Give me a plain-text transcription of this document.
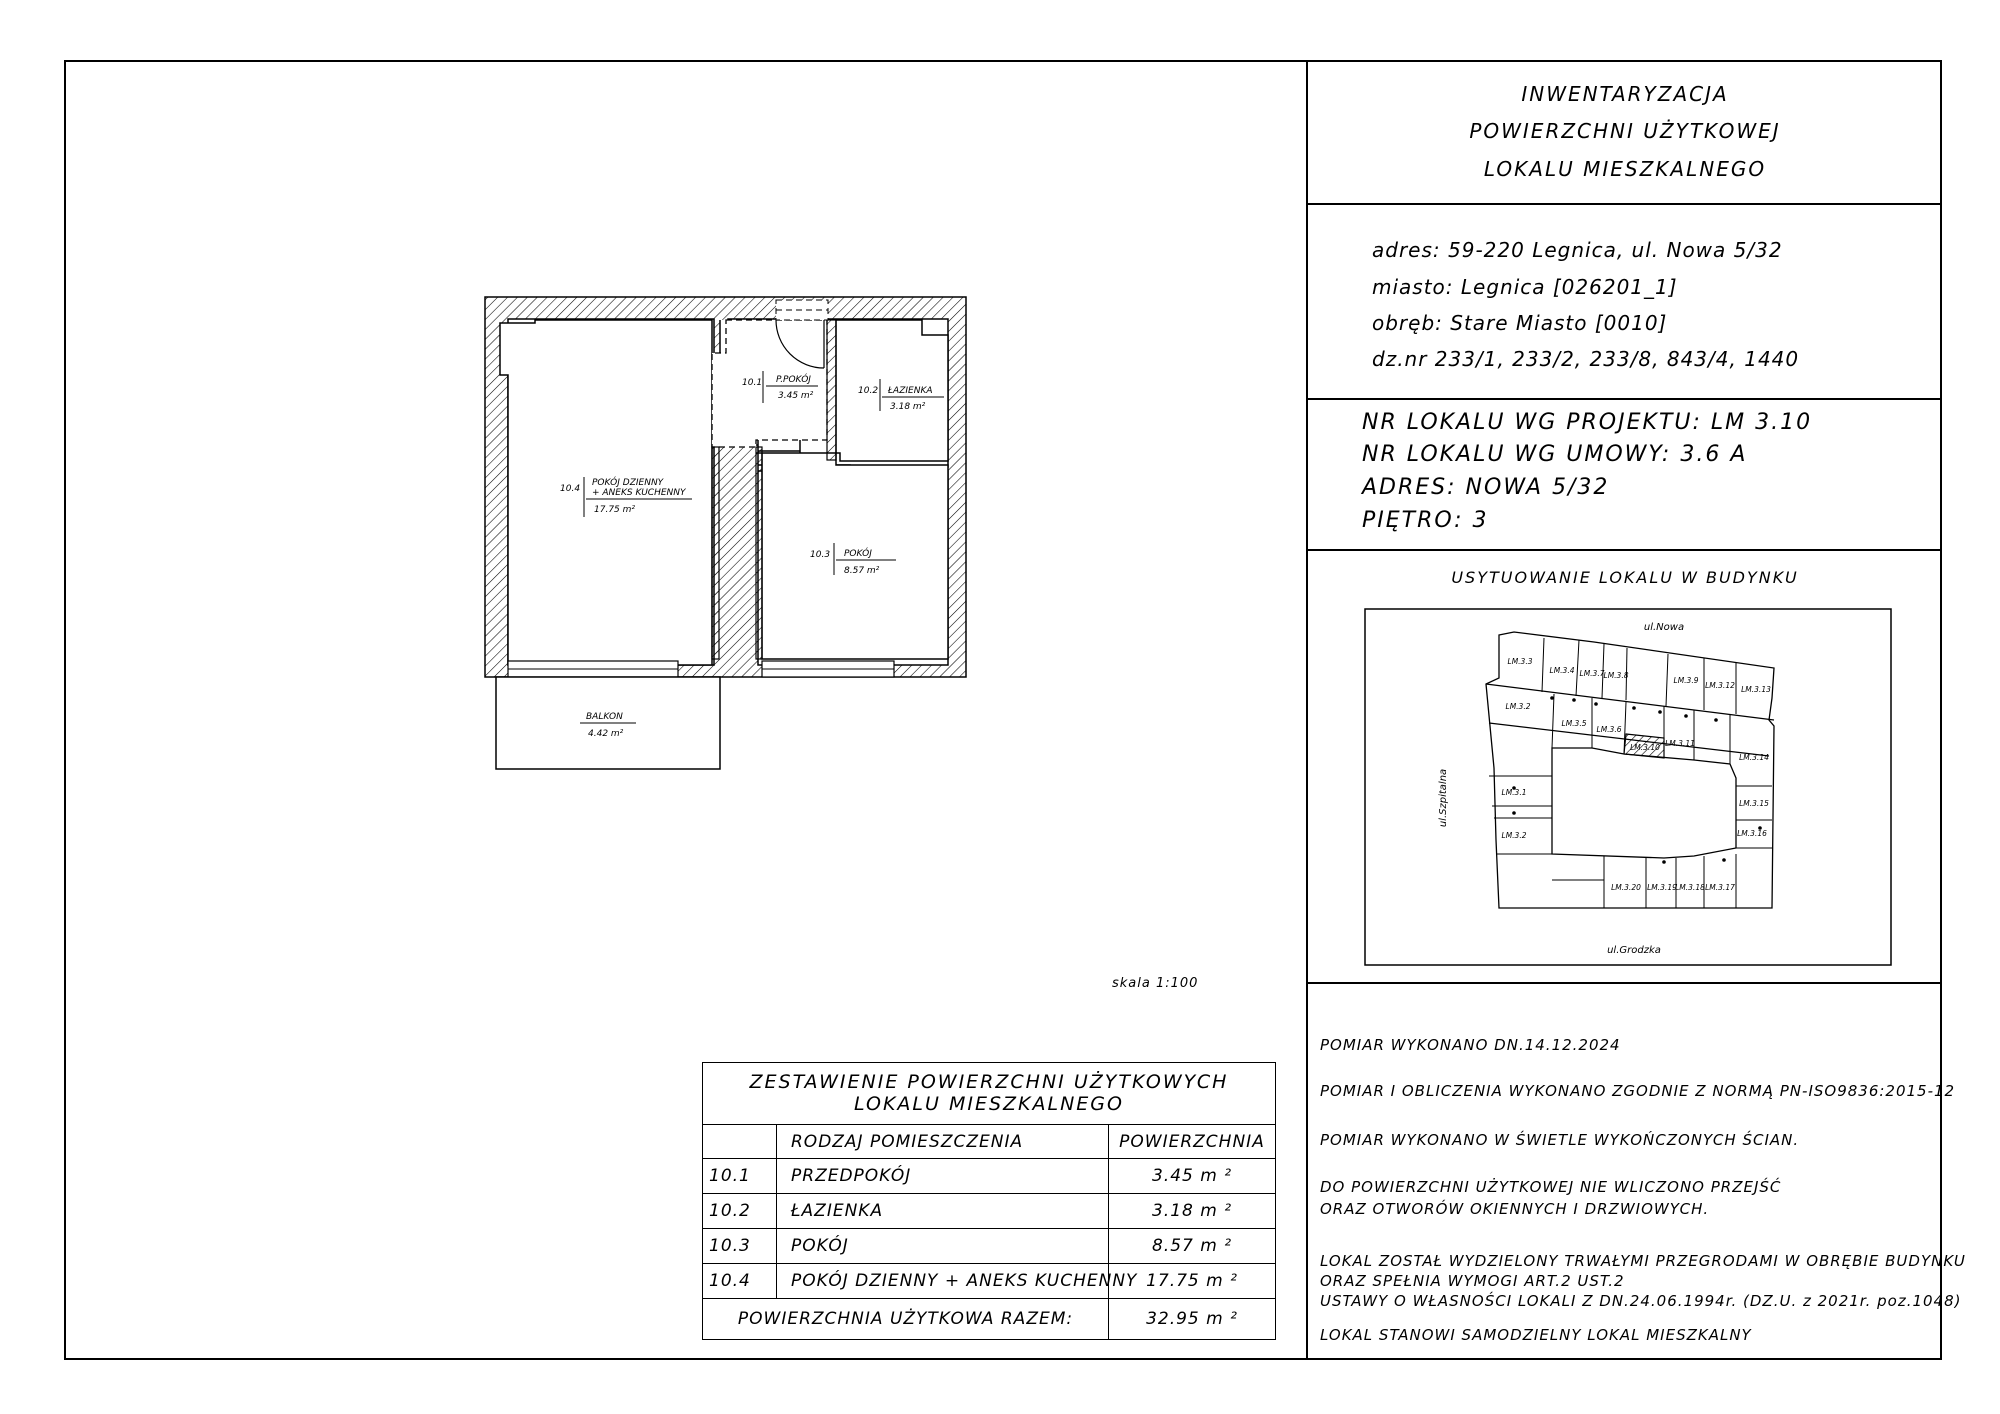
INWENTARYZACJA
POWIERZCHNI UŻYTKOWEJ
LOKALU MIESZKALNEGO
adres: 59-220 Legnica, ul. Nowa 5/32
miasto: Legnica [026201_1]
obręb: Stare Miasto [0010]
dz.nr 233/1, 233/2, 233/8, 843/4, 1440
NR LOKALU WG PROJEKTU: LM 3.10
NR LOKALU WG UMOWY: 3.6 A
ADRES: NOWA 5/32
PIĘTRO: 3
USYTUOWANIE LOKALU W BUDYNKU
ul.Nowa
ul.Grodzka
ul.Szpitalna
LM.3.3
LM.3.4 LM.3.7 LM.3.8
LM.3.9
LM.3.12 LM.3.13
LM.3.2
LM.3.5
LM.3.6
LM.3.10 LM.3.11
LM.3.14
LM.3.1
LM.3.15
LM.3.2	LM.3.16
LM.3.20 LM.3.19
LM.3.18 LM.3.17
POMIAR WYKONANO DN.14.12.2024
POMIAR I OBLICZENIA WYKONANO ZGODNIE Z NORMĄ PN-ISO9836:2015-12
POMIAR WYKONANO W ŚWIETLE WYKOŃCZONYCH ŚCIAN.
DO POWIERZCHNI UŻYTKOWEJ NIE WLICZONO PRZEJŚĆ
ORAZ OTWORÓW OKIENNYCH I DRZWIOWYCH.
LOKAL ZOSTAŁ WYDZIELONY TRWAŁYMI PRZEGRODAMI W OBRĘBIE BUDYNKU
ORAZ SPEŁNIA WYMOGI ART.2 UST.2
USTAWY O WŁASNOŚCI LOKALI Z DN.24.06.1994r. (DZ.U. z 2021r. poz.1048)
LOKAL STANOWI SAMODZIELNY LOKAL MIESZKALNY
10.1 P.POKÓJ
3.45 m²	10.2 ŁAZIENKA
3.18 m²
10.3 POKÓJ
8.57 m²
10.4
POKÓJ DZIENNY
+ ANEKS KUCHENNY
17.75 m²
BALKON
4.42 m²
skala 1:100
ZESTAWIENIE POWIERZCHNI UŻYTKOWYCH
LOKALU MIESZKALNEGO
RODZAJ POMIESZCZENIA	POWIERZCHNIA
10.1	PRZEDPOKÓJ	3.45 m ²
10.2	ŁAZIENKA	3.18 m ²
10.3	POKÓJ	8.57 m ²
10.4	POKÓJ DZIENNY + ANEKS KUCHENNY 17.75 m ²
POWIERZCHNIA UŻYTKOWA RAZEM:	32.95 m ²
